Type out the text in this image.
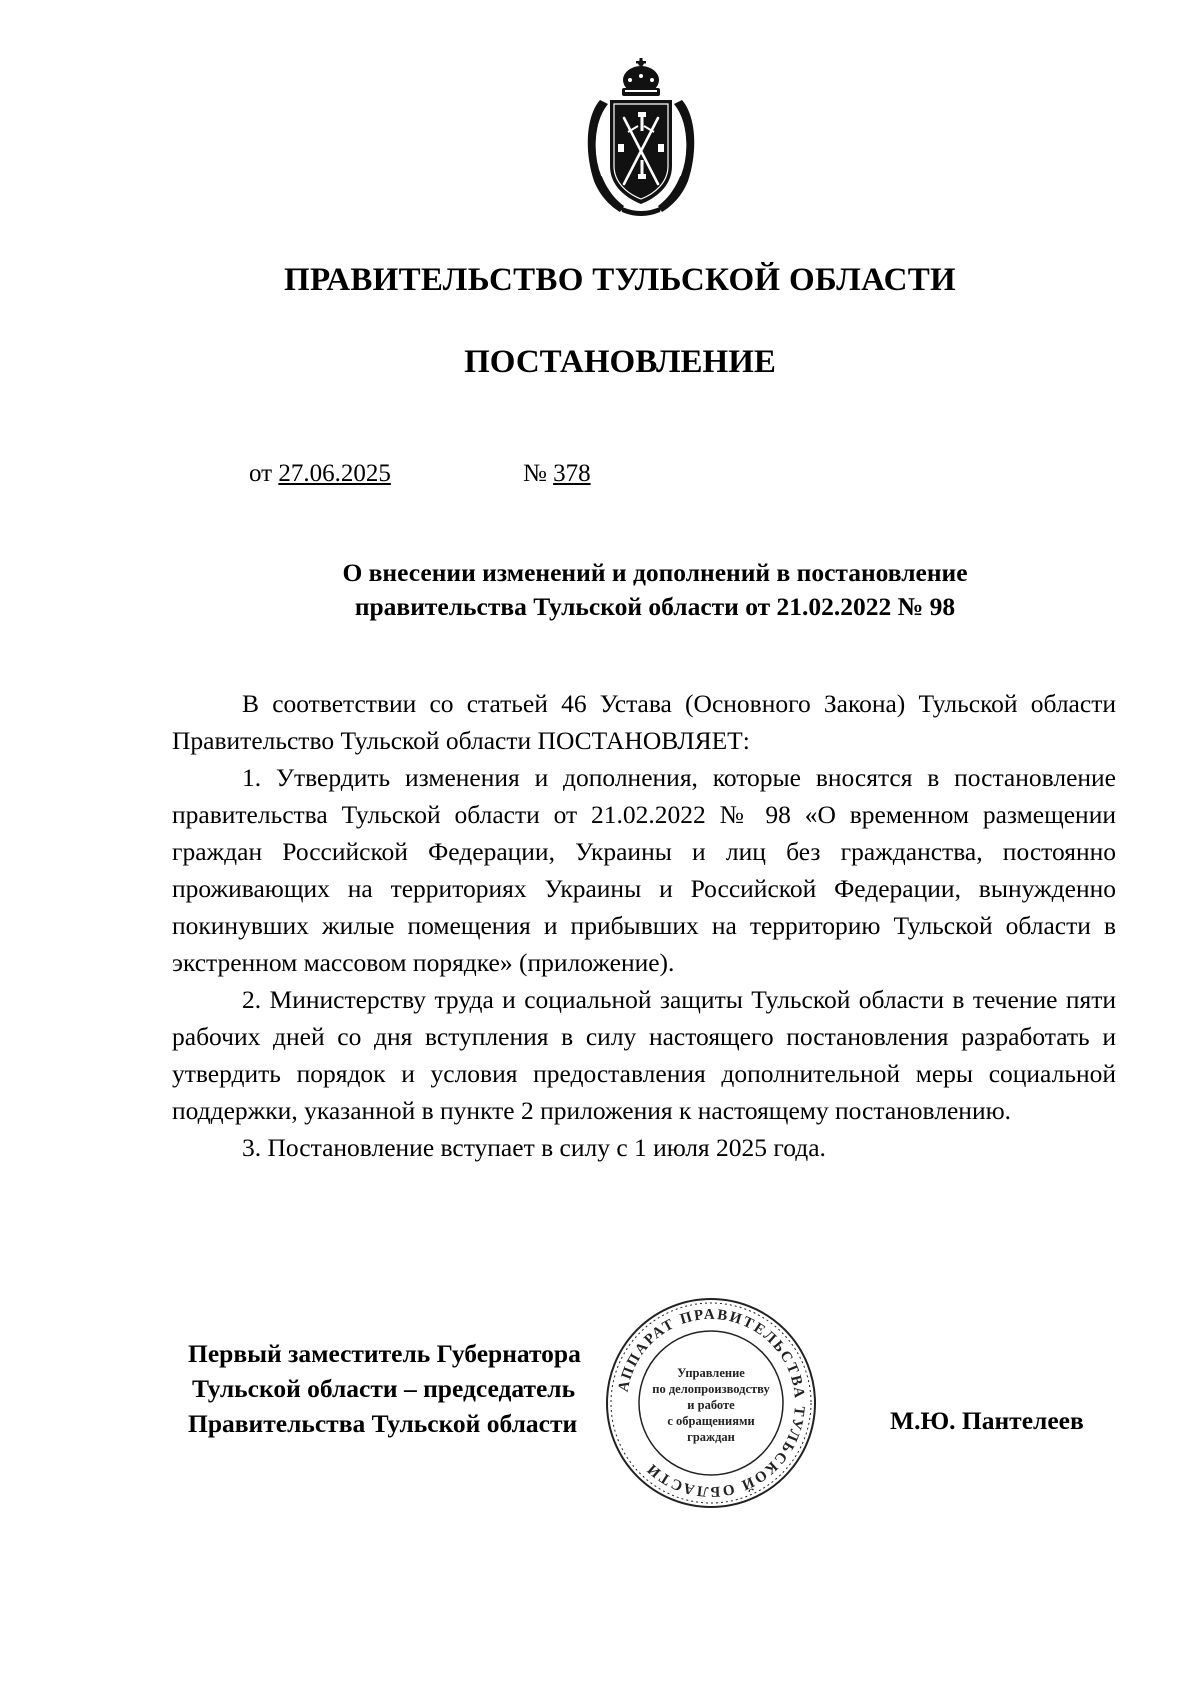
ПРАВИТЕЛЬСТВО ТУЛЬСКОЙ ОБЛАСТИ
ПОСТАНОВЛЕНИЕ
от 27.06.2025	№ 378
О внесении изменений и дополнений в постановление
правительства Тульской области от 21.02.2022 № 98

В соответствии со статьей 46 Устава (Основного Закона) Тульской области Правительство Тульской области ПОСТАНОВЛЯЕТ:

1. Утвердить изменения и дополнения, которые вносятся в постановление правительства Тульской области от 21.02.2022 № 98 «О временном размещении граждан Российской Федерации, Украины и лиц без гражданства, постоянно проживающих на территориях Украины и Российской Федерации, вынужденно покинувших жилые помещения и прибывших на территорию Тульской области в экстренном массовом порядке» (приложение).

2. Министерству труда и социальной защиты Тульской области в течение пяти рабочих дней со дня вступления в силу настоящего постановления разработать и утвердить порядок и условия предоставления дополнительной меры социальной поддержки, указанной в пункте 2 приложения к настоящему постановлению.

3. Постановление вступает в силу с 1 июля 2025 года.

АППАРАТ ПРАВИТЕЛЬСТВА ТУЛЬСКОЙ ОБЛАСТИ
Управление
по делопроизводству
и работе
с обращениями
граждан
Первый заместитель Губернатора
Тульской области – председатель
Правительства Тульской области	М.Ю. Пантелеев
